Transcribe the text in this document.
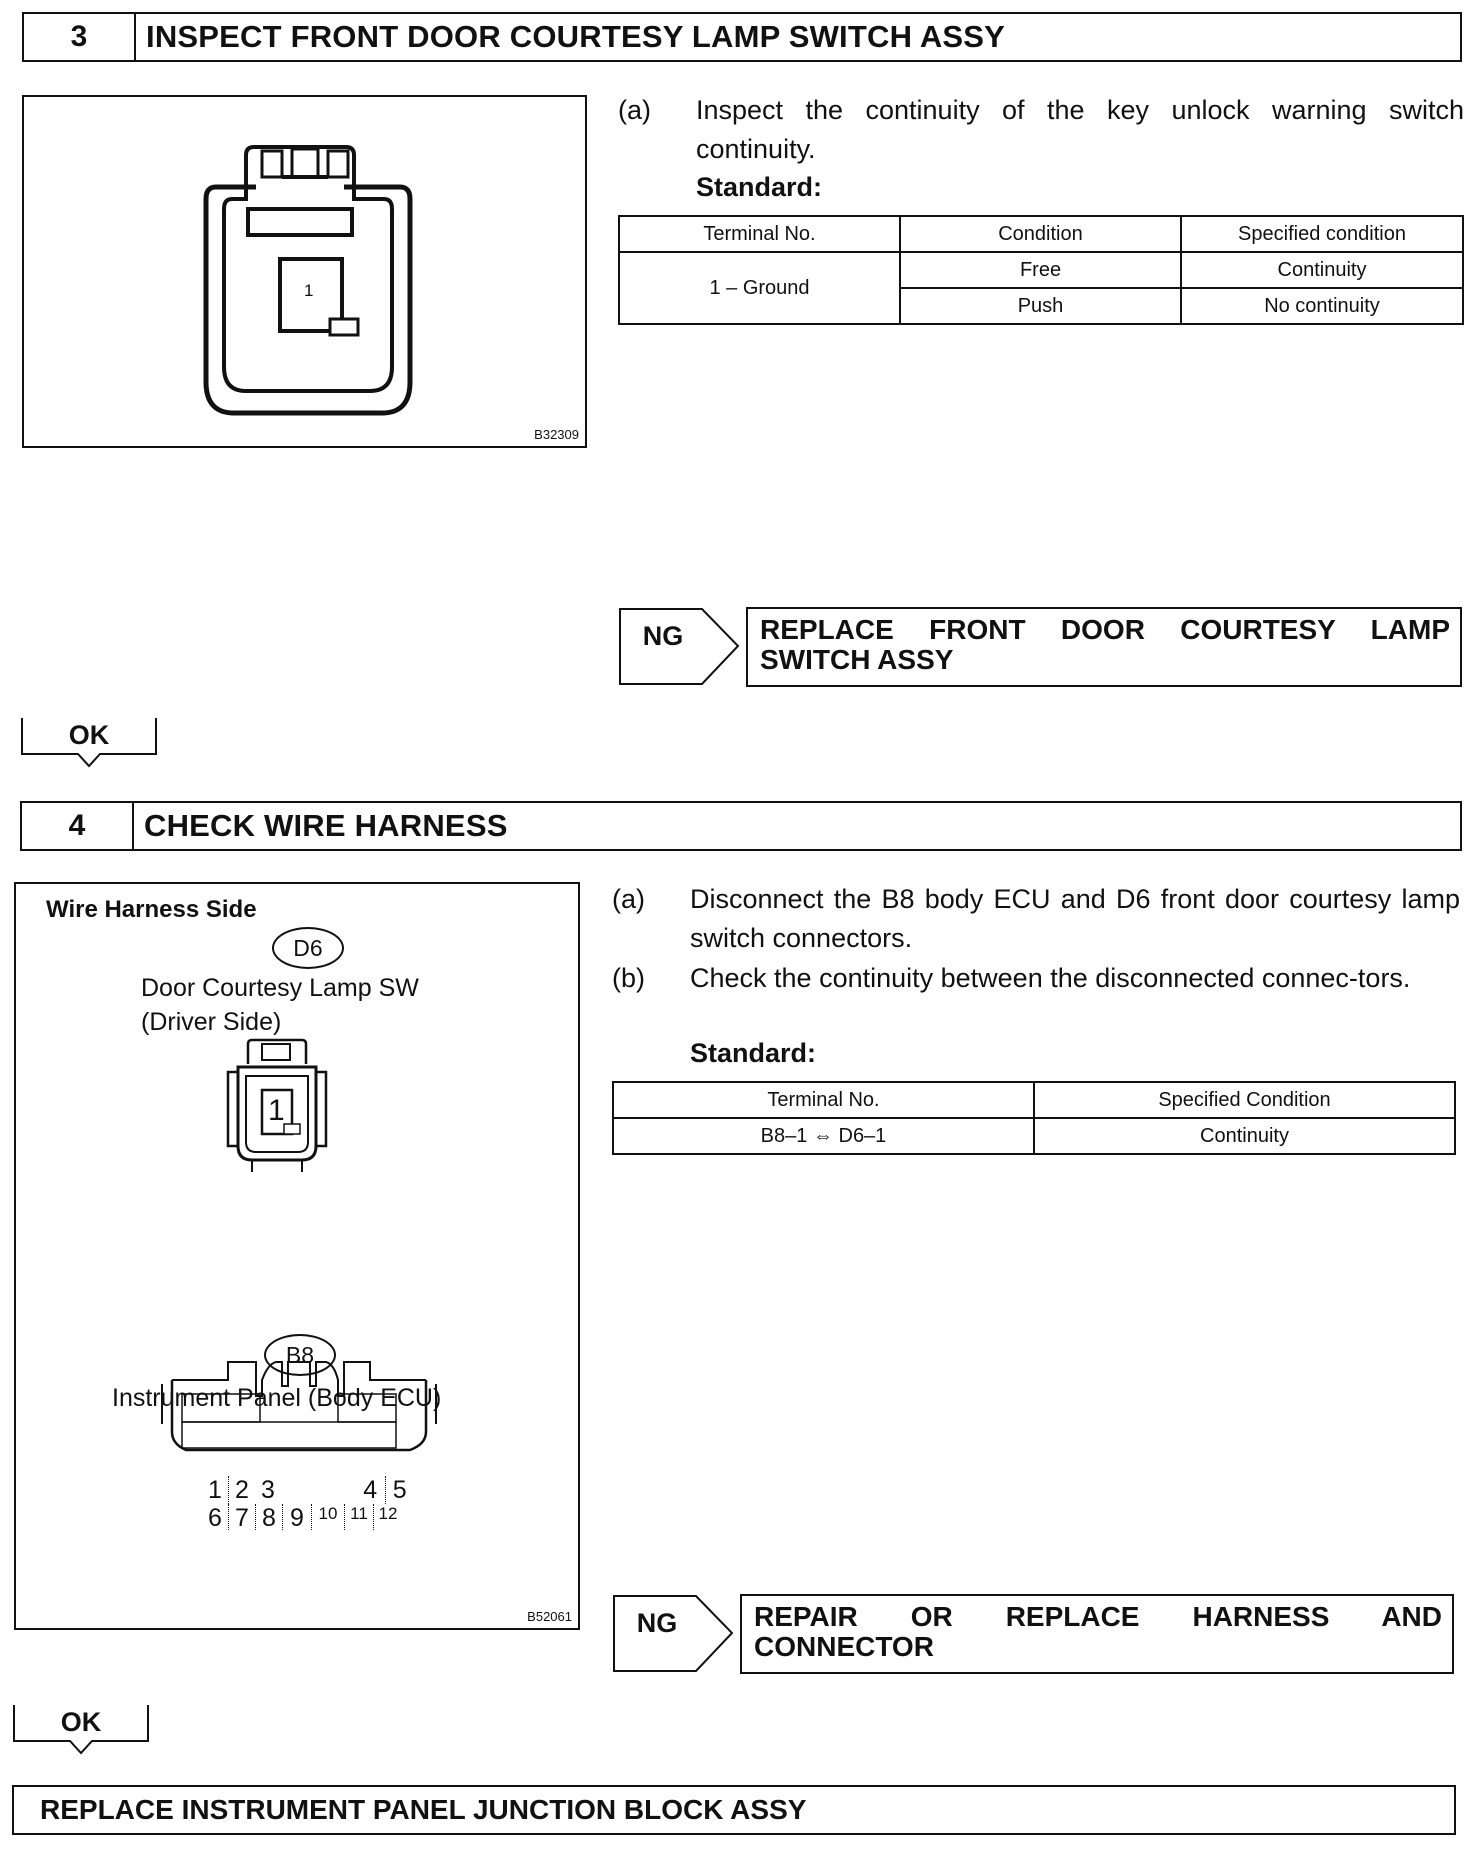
3	INSPECT FRONT DOOR COURTESY LAMP SWITCH ASSY
1
B32309
(a) Inspect the continuity of the key unlock warning switch continuity.
Standard:
Terminal No.	Condition	Specified condition
1 – Ground	Free	Continuity
	Push	No continuity
NG	REPLACE FRONT DOOR COURTESY LAMP SWITCH ASSY
OK
4	CHECK WIRE HARNESS
Wire Harness Side
D6
Door Courtesy Lamp SW
(Driver Side)
1
B8
Instrument Panel (Body ECU)
1 2 3	4 5
6 7 8 9 10 11 12
B52061
(a) Disconnect the B8 body ECU and D6 front door courtesy lamp switch connectors.
(b) Check the continuity between the disconnected connec-tors.
Standard:
Terminal No.	Specified Condition
B8–1 ⇔ D6–1	Continuity
NG	REPAIR OR REPLACE HARNESS AND CONNECTOR
OK
REPLACE INSTRUMENT PANEL JUNCTION BLOCK ASSY
